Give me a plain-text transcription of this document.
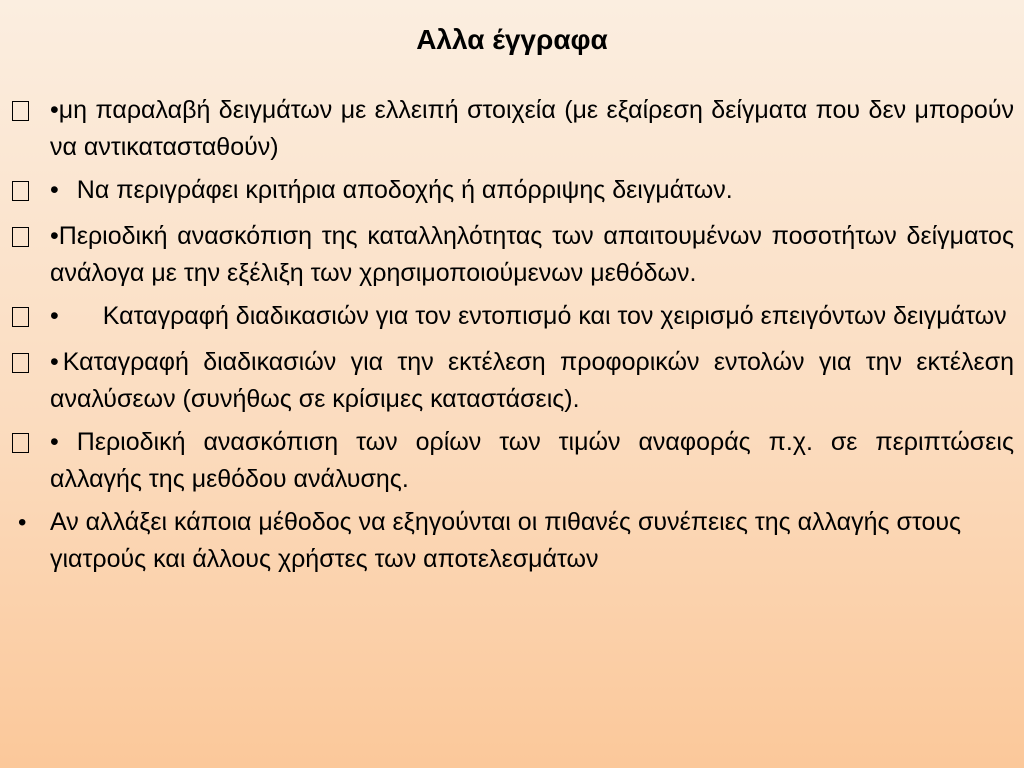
Αλλα έγγραφα
•μη παραλαβή δειγμάτων με ελλειπή στοιχεία (με εξαίρεση δείγματα που δεν μπορούν να αντικατασταθούν)
• Να περιγράφει κριτήρια αποδοχής ή απόρριψης δειγμάτων.
•Περιοδική ανασκόπιση της καταλληλότητας των απαιτουμένων ποσοτήτων δείγματος ανάλογα με την εξέλιξη των χρησιμοποιούμενων μεθόδων.
• Καταγραφή διαδικασιών για τον εντοπισμό και τον χειρισμό επειγόντων δειγμάτων
• Καταγραφή διαδικασιών για την εκτέλεση προφορικών εντολών για την εκτέλεση αναλύσεων (συνήθως σε κρίσιμες καταστάσεις).
• Περιοδική ανασκόπιση των ορίων των τιμών αναφοράς π.χ. σε περιπτώσεις αλλαγής της μεθόδου ανάλυσης.
• Αν αλλάξει κάποια μέθοδος να εξηγούνται οι πιθανές συνέπειες της αλλαγής στους γιατρούς και άλλους χρήστες των αποτελεσμάτων
